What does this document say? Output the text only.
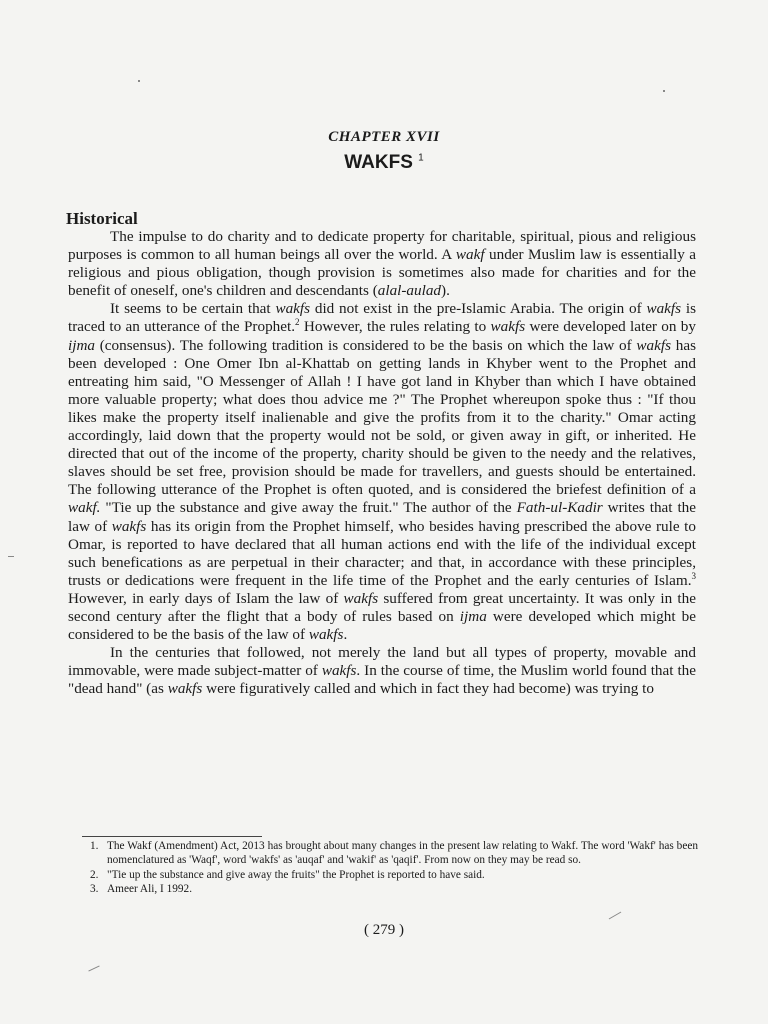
CHAPTER XVII
WAKFS $^1$
Historical

The impulse to do charity and to dedicate property for charitable, spiritual, pious and religious purposes is common to all human beings all over the world. A wakf under Muslim law is essentially a religious and pious obligation, though provision is sometimes also made for charities and for the benefit of oneself, one's children and descendants (alal-aulad).

It seems to be certain that wakfs did not exist in the pre-Islamic Arabia. The origin of wakfs is traced to an utterance of the Prophet.$^2$ However, the rules relating to wakfs were developed later on by ijma (consensus). The following tradition is considered to be the basis on which the law of wakfs has been developed : One Omer Ibn al-Khattab on getting lands in Khyber went to the Prophet and entreating him said, "O Messenger of Allah ! I have got land in Khyber than which I have obtained more valuable property; what does thou advice me ?" The Prophet whereupon spoke thus : "If thou likes make the property itself inalienable and give the profits from it to the charity." Omar acting accordingly, laid down that the property would not be sold, or given away in gift, or inherited. He directed that out of the income of the property, charity should be given to the needy and the relatives, slaves should be set free, provision should be made for travellers, and guests should be entertained. The following utterance of the Prophet is often quoted, and is considered the briefest definition of a wakf. "Tie up the substance and give away the fruit." The author of the Fath-ul-Kadir writes that the law of wakfs has its origin from the Prophet himself, who besides having prescribed the above rule to Omar, is reported to have declared that all human actions end with the life of the individual except such benefications as are perpetual in their character; and that, in accordance with these principles, trusts or dedications were frequent in the life time of the Prophet and the early centuries of Islam.$^3$ However, in early days of Islam the law of wakfs suffered from great uncertainty. It was only in the second century after the flight that a body of rules based on ijma were developed which might be considered to be the basis of the law of wakfs.

In the centuries that followed, not merely the land but all types of property, movable and immovable, were made subject-matter of wakfs. In the course of time, the Muslim world found that the "dead hand" (as wakfs were figuratively called and which in fact they had become) was trying to

1. The Wakf (Amendment) Act, 2013 has brought about many changes in the present law relating to Wakf. The word 'Wakf' has been nomenclatured as 'Waqf', word 'wakfs' as 'auqaf' and 'wakif' as 'qaqif'. From now on they may be read so.
2. "Tie up the substance and give away the fruits" the Prophet is reported to have said.
3. Ameer Ali, I 1992.
( 279 )
